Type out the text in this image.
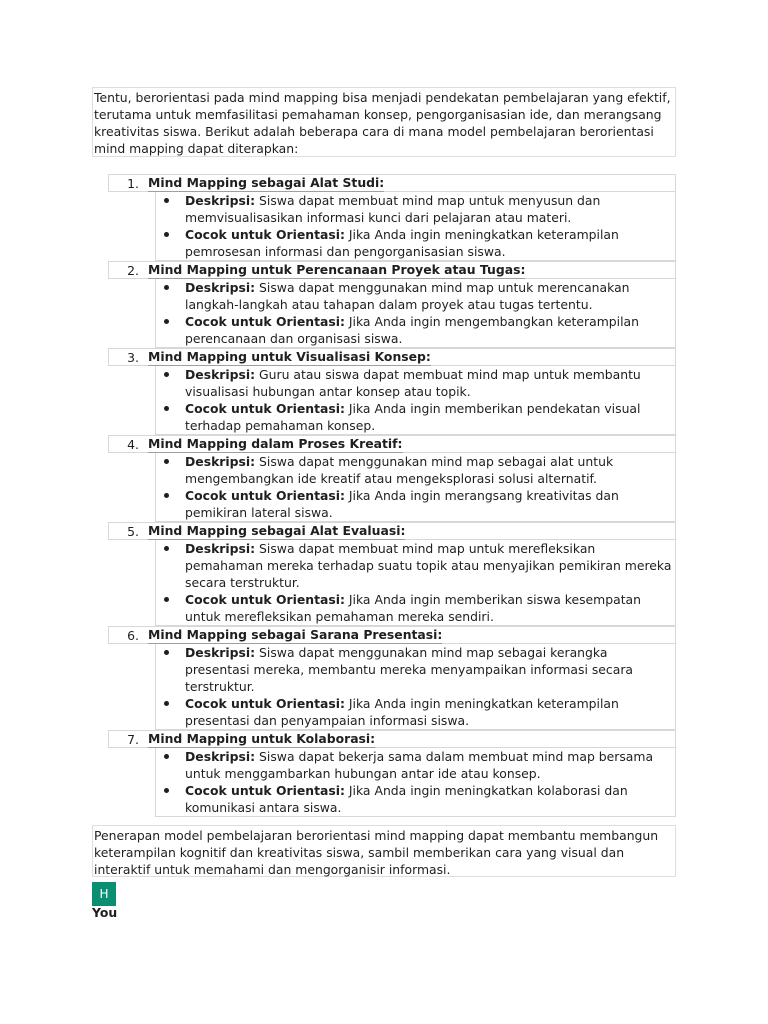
Tentu, berorientasi pada mind mapping bisa menjadi pendekatan pembelajaran yang efektif, terutama untuk memfasilitasi pemahaman konsep, pengorganisasian ide, dan merangsang kreativitas siswa. Berikut adalah beberapa cara di mana model pembelajaran berorientasi mind mapping dapat diterapkan:

1. Mind Mapping sebagai Alat Studi:
Deskripsi: Siswa dapat membuat mind map untuk menyusun dan memvisualisasikan informasi kunci dari pelajaran atau materi.
Cocok untuk Orientasi: Jika Anda ingin meningkatkan keterampilan pemrosesan informasi dan pengorganisasian siswa.
2. Mind Mapping untuk Perencanaan Proyek atau Tugas:
Deskripsi: Siswa dapat menggunakan mind map untuk merencanakan langkah-langkah atau tahapan dalam proyek atau tugas tertentu.
Cocok untuk Orientasi: Jika Anda ingin mengembangkan keterampilan perencanaan dan organisasi siswa.
3. Mind Mapping untuk Visualisasi Konsep:
Deskripsi: Guru atau siswa dapat membuat mind map untuk membantu visualisasi hubungan antar konsep atau topik.
Cocok untuk Orientasi: Jika Anda ingin memberikan pendekatan visual terhadap pemahaman konsep.
4. Mind Mapping dalam Proses Kreatif:
Deskripsi: Siswa dapat menggunakan mind map sebagai alat untuk mengembangkan ide kreatif atau mengeksplorasi solusi alternatif.
Cocok untuk Orientasi: Jika Anda ingin merangsang kreativitas dan pemikiran lateral siswa.
5. Mind Mapping sebagai Alat Evaluasi:
Deskripsi: Siswa dapat membuat mind map untuk merefleksikan pemahaman mereka terhadap suatu topik atau menyajikan pemikiran mereka secara terstruktur.
Cocok untuk Orientasi: Jika Anda ingin memberikan siswa kesempatan untuk merefleksikan pemahaman mereka sendiri.
6. Mind Mapping sebagai Sarana Presentasi:
Deskripsi: Siswa dapat menggunakan mind map sebagai kerangka presentasi mereka, membantu mereka menyampaikan informasi secara terstruktur.
Cocok untuk Orientasi: Jika Anda ingin meningkatkan keterampilan presentasi dan penyampaian informasi siswa.
7. Mind Mapping untuk Kolaborasi:
Deskripsi: Siswa dapat bekerja sama dalam membuat mind map bersama untuk menggambarkan hubungan antar ide atau konsep.
Cocok untuk Orientasi: Jika Anda ingin meningkatkan kolaborasi dan komunikasi antara siswa.

Penerapan model pembelajaran berorientasi mind mapping dapat membantu membangun keterampilan kognitif dan kreativitas siswa, sambil memberikan cara yang visual dan interaktif untuk memahami dan mengorganisir informasi.

H
You
